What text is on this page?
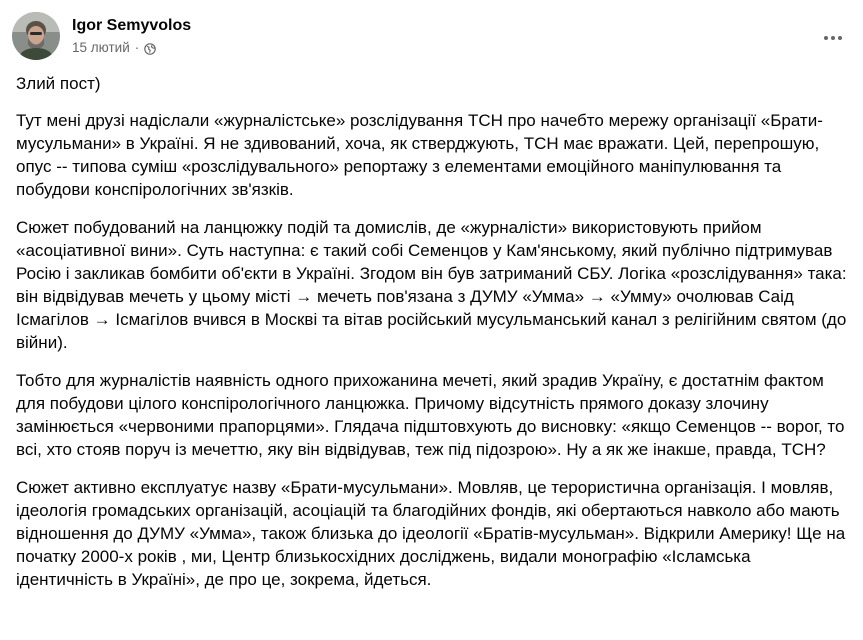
Igor Semyvolos
15 лютий ·

Злий пост)

Тут мені друзі надіслали «журналістське» розслідування ТСН про начебто мережу організації «Брати-мусульмани» в Україні. Я не здивований, хоча, як стверджують, ТСН має вражати. Цей, перепрошую, опус -- типова суміш «розслідувального» репортажу з елементами емоційного маніпулювання та побудови конспірологічних зв'язків.

Сюжет побудований на ланцюжку подій та домислів, де «журналісти» використовують прийом «асоціативної вини». Суть наступна: є такий собі Семенцов у Кам'янському, який публічно підтримував Росію і закликав бомбити об'єкти в Україні. Згодом він був затриманий СБУ. Логіка «розслідування» така: він відвідував мечеть у цьому місті → мечеть пов'язана з ДУМУ «Умма» → «Умму» очолював Саід Ісмагілов → Ісмагілов вчився в Москві та вітав російський мусульманський канал з релігійним святом (до війни).

Тобто для журналістів наявність одного прихожанина мечеті, який зрадив Україну, є достатнім фактом для побудови цілого конспірологічного ланцюжка. Причому відсутність прямого доказу злочину замінюється «червоними прапорцями». Глядача підштовхують до висновку: «якщо Семенцов -- ворог, то всі, хто стояв поруч із мечеттю, яку він відвідував, теж під підозрою». Ну а як же інакше, правда, ТСН?

Сюжет активно експлуатує назву «Брати-мусульмани». Мовляв, це терористична організація. І мовляв, ідеологія громадських організацій, асоціацій та благодійних фондів, які обертаються навколо або мають відношення до ДУМУ «Умма», також близька до ідеології «Братів-мусульман». Відкрили Америку! Ще на початку 2000-х років , ми, Центр близькосхідних досліджень, видали монографію «Ісламська ідентичність в Україні», де про це, зокрема, йдеться.
